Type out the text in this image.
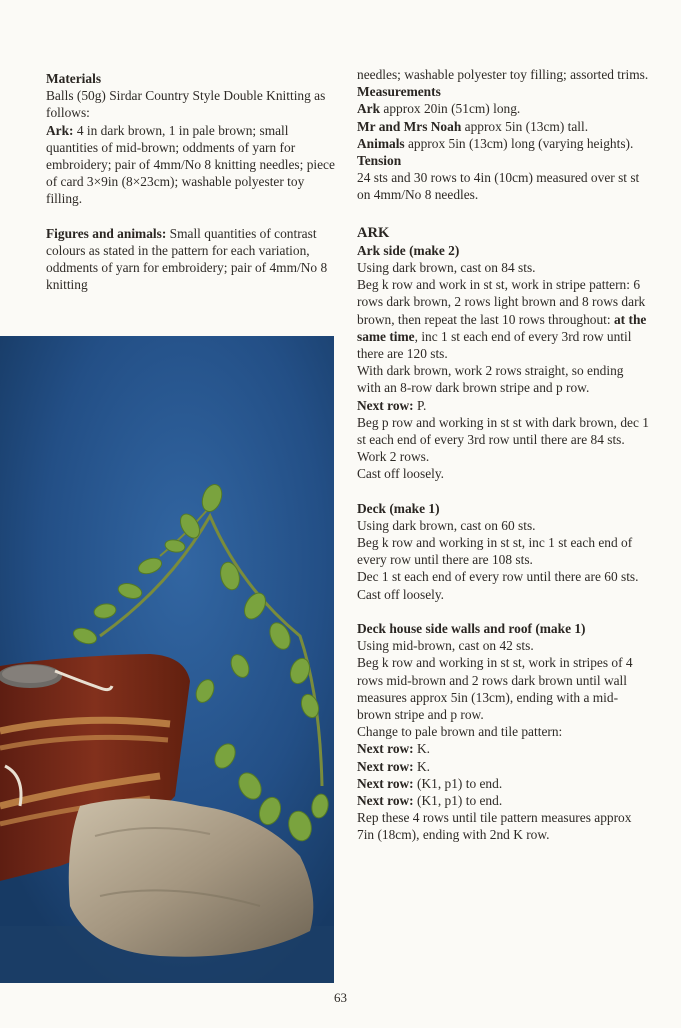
Materials
Balls (50g) Sirdar Country Style Double Knitting as follows:
Ark: 4 in dark brown, 1 in pale brown; small quantities of mid-brown; oddments of yarn for embroidery; pair of 4mm/No 8 knitting needles; piece of card 3×9in (8×23cm); washable polyester toy filling.

Figures and animals: Small quantities of contrast colours as stated in the pattern for each variation, oddments of yarn for embroidery; pair of 4mm/No 8 knitting

needles; washable polyester toy filling; assorted trims.

Measurements
Ark approx 20in (51cm) long.
Mr and Mrs Noah approx 5in (13cm) tall.
Animals approx 5in (13cm) long (varying heights).

Tension
24 sts and 30 rows to 4in (10cm) measured over st st on 4mm/No 8 needles.

ARK
Ark side (make 2)
Using dark brown, cast on 84 sts.
Beg k row and work in st st, work in stripe pattern: 6 rows dark brown, 2 rows light brown and 8 rows dark brown, then repeat the last 10 rows throughout: at the same time, inc 1 st each end of every 3rd row until there are 120 sts.
With dark brown, work 2 rows straight, so ending with an 8-row dark brown stripe and p row.
Next row: P.
Beg p row and working in st st with dark brown, dec 1 st each end of every 3rd row until there are 84 sts.
Work 2 rows.
Cast off loosely.

Deck (make 1)
Using dark brown, cast on 60 sts.
Beg k row and working in st st, inc 1 st each end of every row until there are 108 sts.
Dec 1 st each end of every row until there are 60 sts.
Cast off loosely.

Deck house side walls and roof (make 1)
Using mid-brown, cast on 42 sts.
Beg k row and working in st st, work in stripes of 4 rows mid-brown and 2 rows dark brown until wall measures approx 5in (13cm), ending with a mid-brown stripe and p row.
Change to pale brown and tile pattern:
Next row: K.
Next row: K.
Next row: (K1, p1) to end.
Next row: (K1, p1) to end.
Rep these 4 rows until tile pattern measures approx 7in (18cm), ending with 2nd K row.

63
